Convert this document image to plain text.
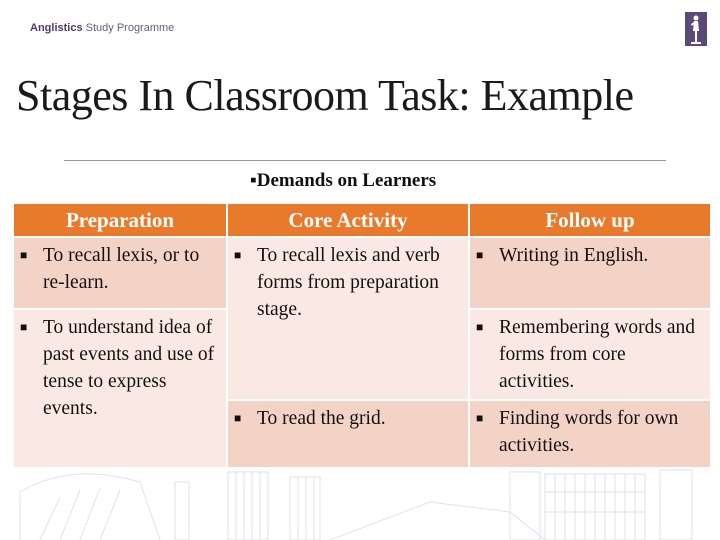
Anglistics Study Programme
Stages In Classroom Task: Example
▪Demands on Learners
Preparation	Core Activity	Follow up

■ To recall lexis, or to re-learn.	■ To recall lexis and verb forms from preparation stage.	■ Writing in English.

■ To understand idea of past events and use of tense to express events.		■ Remembering words and forms from core activities.

	■ To read the grid.	■ Finding words for own activities.
